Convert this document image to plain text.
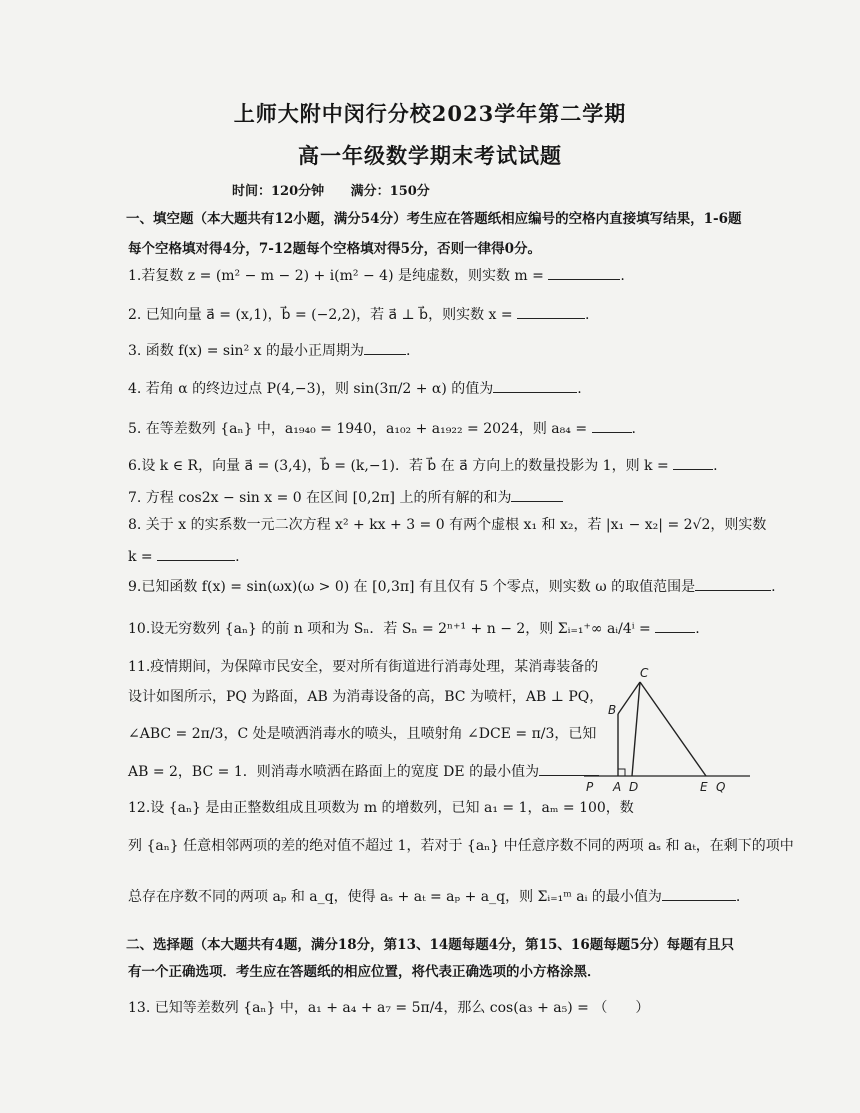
上师大附中闵行分校2023学年第二学期
高一年级数学期末考试试题
时间：120分钟 满分：150分
一、填空题（本大题共有12小题，满分54分）考生应在答题纸相应编号的空格内直接填写结果，1-6题
每个空格填对得4分，7-12题每个空格填对得5分，否则一律得0分。
1.若复数 z = (m² − m − 2) + i(m² − 4) 是纯虚数，则实数 m =	.
2. 已知向量 a⃗ = (x,1)，b⃗ = (−2,2)，若 a⃗ ⊥ b⃗，则实数 x =	.
3. 函数 f(x) = sin² x 的最小正周期为	.
4. 若角 α 的终边过点 P(4,−3)，则 sin(3π/2 + α) 的值为	.
5. 在等差数列 {aₙ} 中，a₁₉₄₀ = 1940，a₁₀₂ + a₁₉₂₂ = 2024，则 a₈₄ =	.
6.设 k ∈ R，向量 a⃗ = (3,4)，b⃗ = (k,−1)．若 b⃗ 在 a⃗ 方向上的数量投影为 1，则 k =	.
7. 方程 cos2x − sin x = 0 在区间 [0,2π] 上的所有解的和为
8. 关于 x 的实系数一元二次方程 x² + kx + 3 = 0 有两个虚根 x₁ 和 x₂，若 |x₁ − x₂| = 2√2，则实数
k =	.
9.已知函数 f(x) = sin(ωx)(ω > 0) 在 [0,3π] 有且仅有 5 个零点，则实数 ω 的取值范围是	.
10.设无穷数列 {aₙ} 的前 n 项和为 Sₙ．若 Sₙ = 2ⁿ⁺¹ + n − 2，则 Σᵢ₌₁⁺∞ aᵢ/4ⁱ =	.
11.疫情期间，为保障市民安全，要对所有街道进行消毒处理，某消毒装备的
设计如图所示，PQ 为路面，AB 为消毒设备的高，BC 为喷杆，AB ⊥ PQ，
∠ABC = 2π/3，C 处是喷洒消毒水的喷头，且喷射角 ∠DCE = π/3，已知
AB = 2，BC = 1．则消毒水喷洒在路面上的宽度 DE 的最小值为
C
B
P A D	E Q
12.设 {aₙ} 是由正整数组成且项数为 m 的增数列，已知 a₁ = 1，aₘ = 100，数
列 {aₙ} 任意相邻两项的差的绝对值不超过 1，若对于 {aₙ} 中任意序数不同的两项 aₛ 和 aₜ，在剩下的项中
总存在序数不同的两项 aₚ 和 a_q，使得 aₛ + aₜ = aₚ + a_q，则 Σᵢ₌₁ᵐ aᵢ 的最小值为	.
二、选择题（本大题共有4题，满分18分，第13、14题每题4分，第15、16题每题5分）每题有且只
有一个正确选项．考生应在答题纸的相应位置，将代表正确选项的小方格涂黑．
13. 已知等差数列 {aₙ} 中，a₁ + a₄ + a₇ = 5π/4，那么 cos(a₃ + a₅) = （　　）
